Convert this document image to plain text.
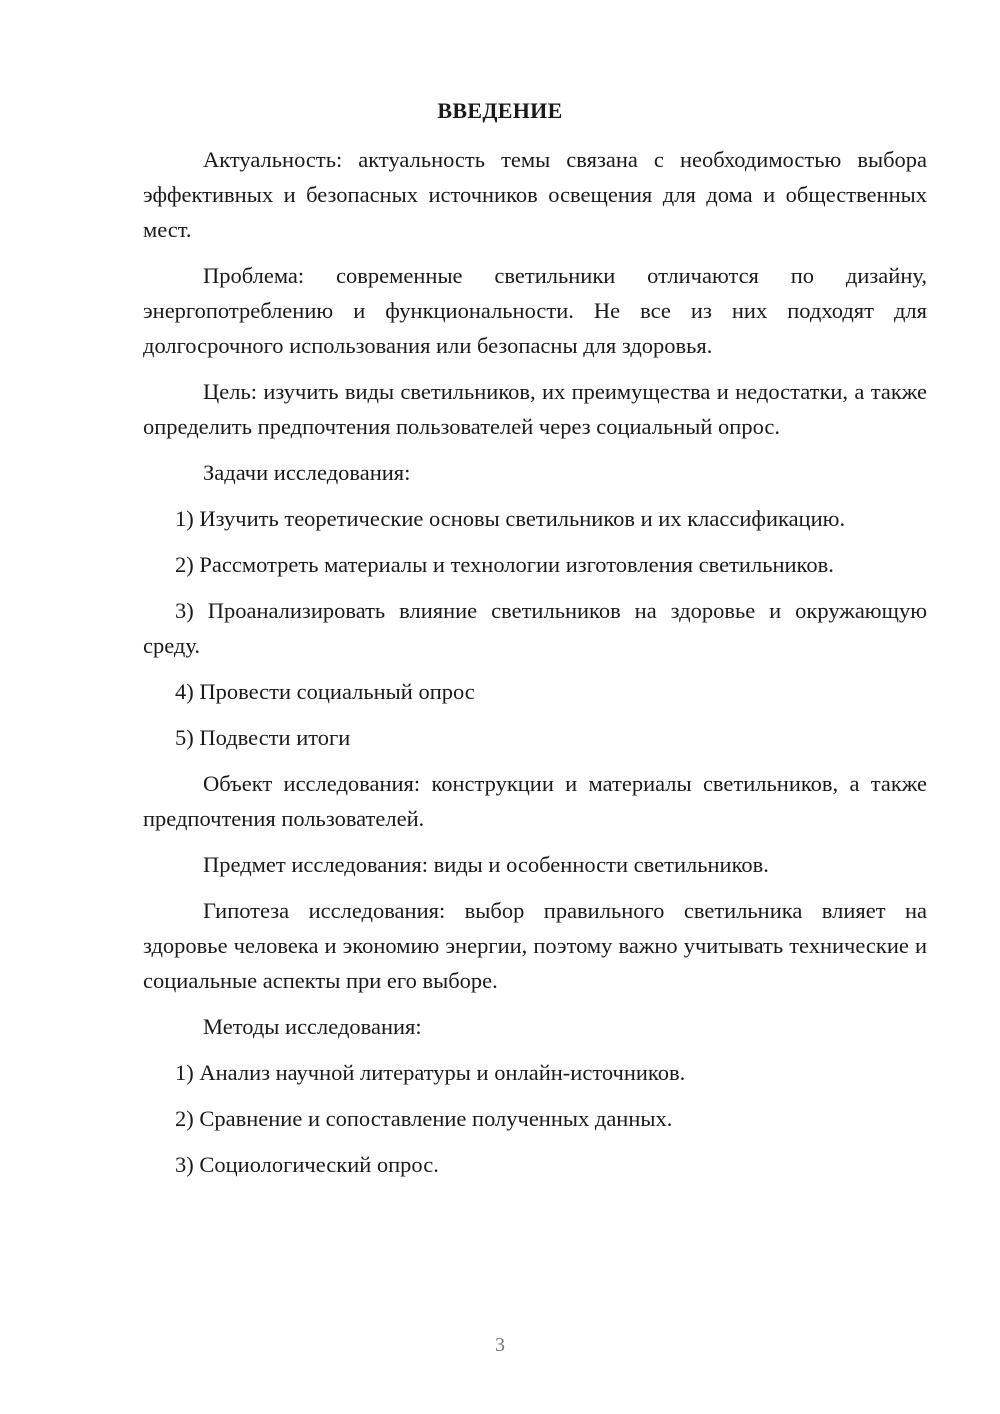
ВВЕДЕНИЕ

Актуальность: актуальность темы связана с необходимостью выбора эффективных и безопасных источников освещения для дома и общественных мест.

Проблема: современные светильники отличаются по дизайну, энергопотреблению и функциональности. Не все из них подходят для долгосрочного использования или безопасны для здоровья.

Цель: изучить виды светильников, их преимущества и недостатки, а также определить предпочтения пользователей через социальный опрос.

Задачи исследования:

1) Изучить теоретические основы светильников и их классификацию.

2) Рассмотреть материалы и технологии изготовления светильников.

3) Проанализировать влияние светильников на здоровье и окружающую среду.

4) Провести социальный опрос

5) Подвести итоги

Объект исследования: конструкции и материалы светильников, а также предпочтения пользователей.

Предмет исследования: виды и особенности светильников.

Гипотеза исследования: выбор правильного светильника влияет на здоровье человека и экономию энергии, поэтому важно учитывать технические и социальные аспекты при его выборе.

Методы исследования:

1) Анализ научной литературы и онлайн-источников.

2) Сравнение и сопоставление полученных данных.

3) Социологический опрос.

3
